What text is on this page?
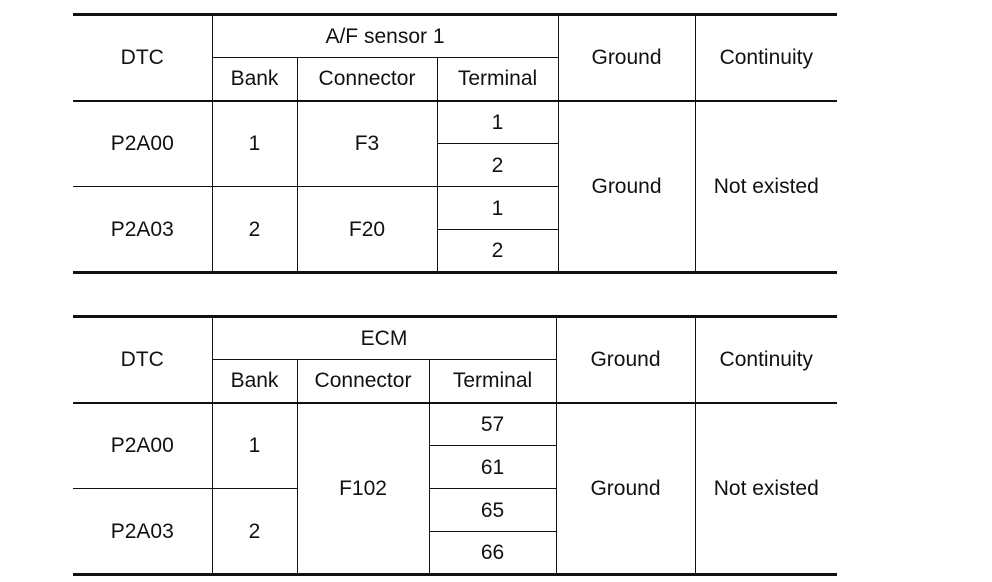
DTC	A/F sensor 1			Ground	Continuity
	Bank	Connector	Terminal		
P2A00	1	F3	1	Ground	Not existed
			2		
P2A03	2	F20	1		
			2		
DTC	ECM			Ground	Continuity
	Bank	Connector	Terminal		
P2A00	1	F102	57	Ground	Not existed
			61		
P2A03	2		65		
			66		
